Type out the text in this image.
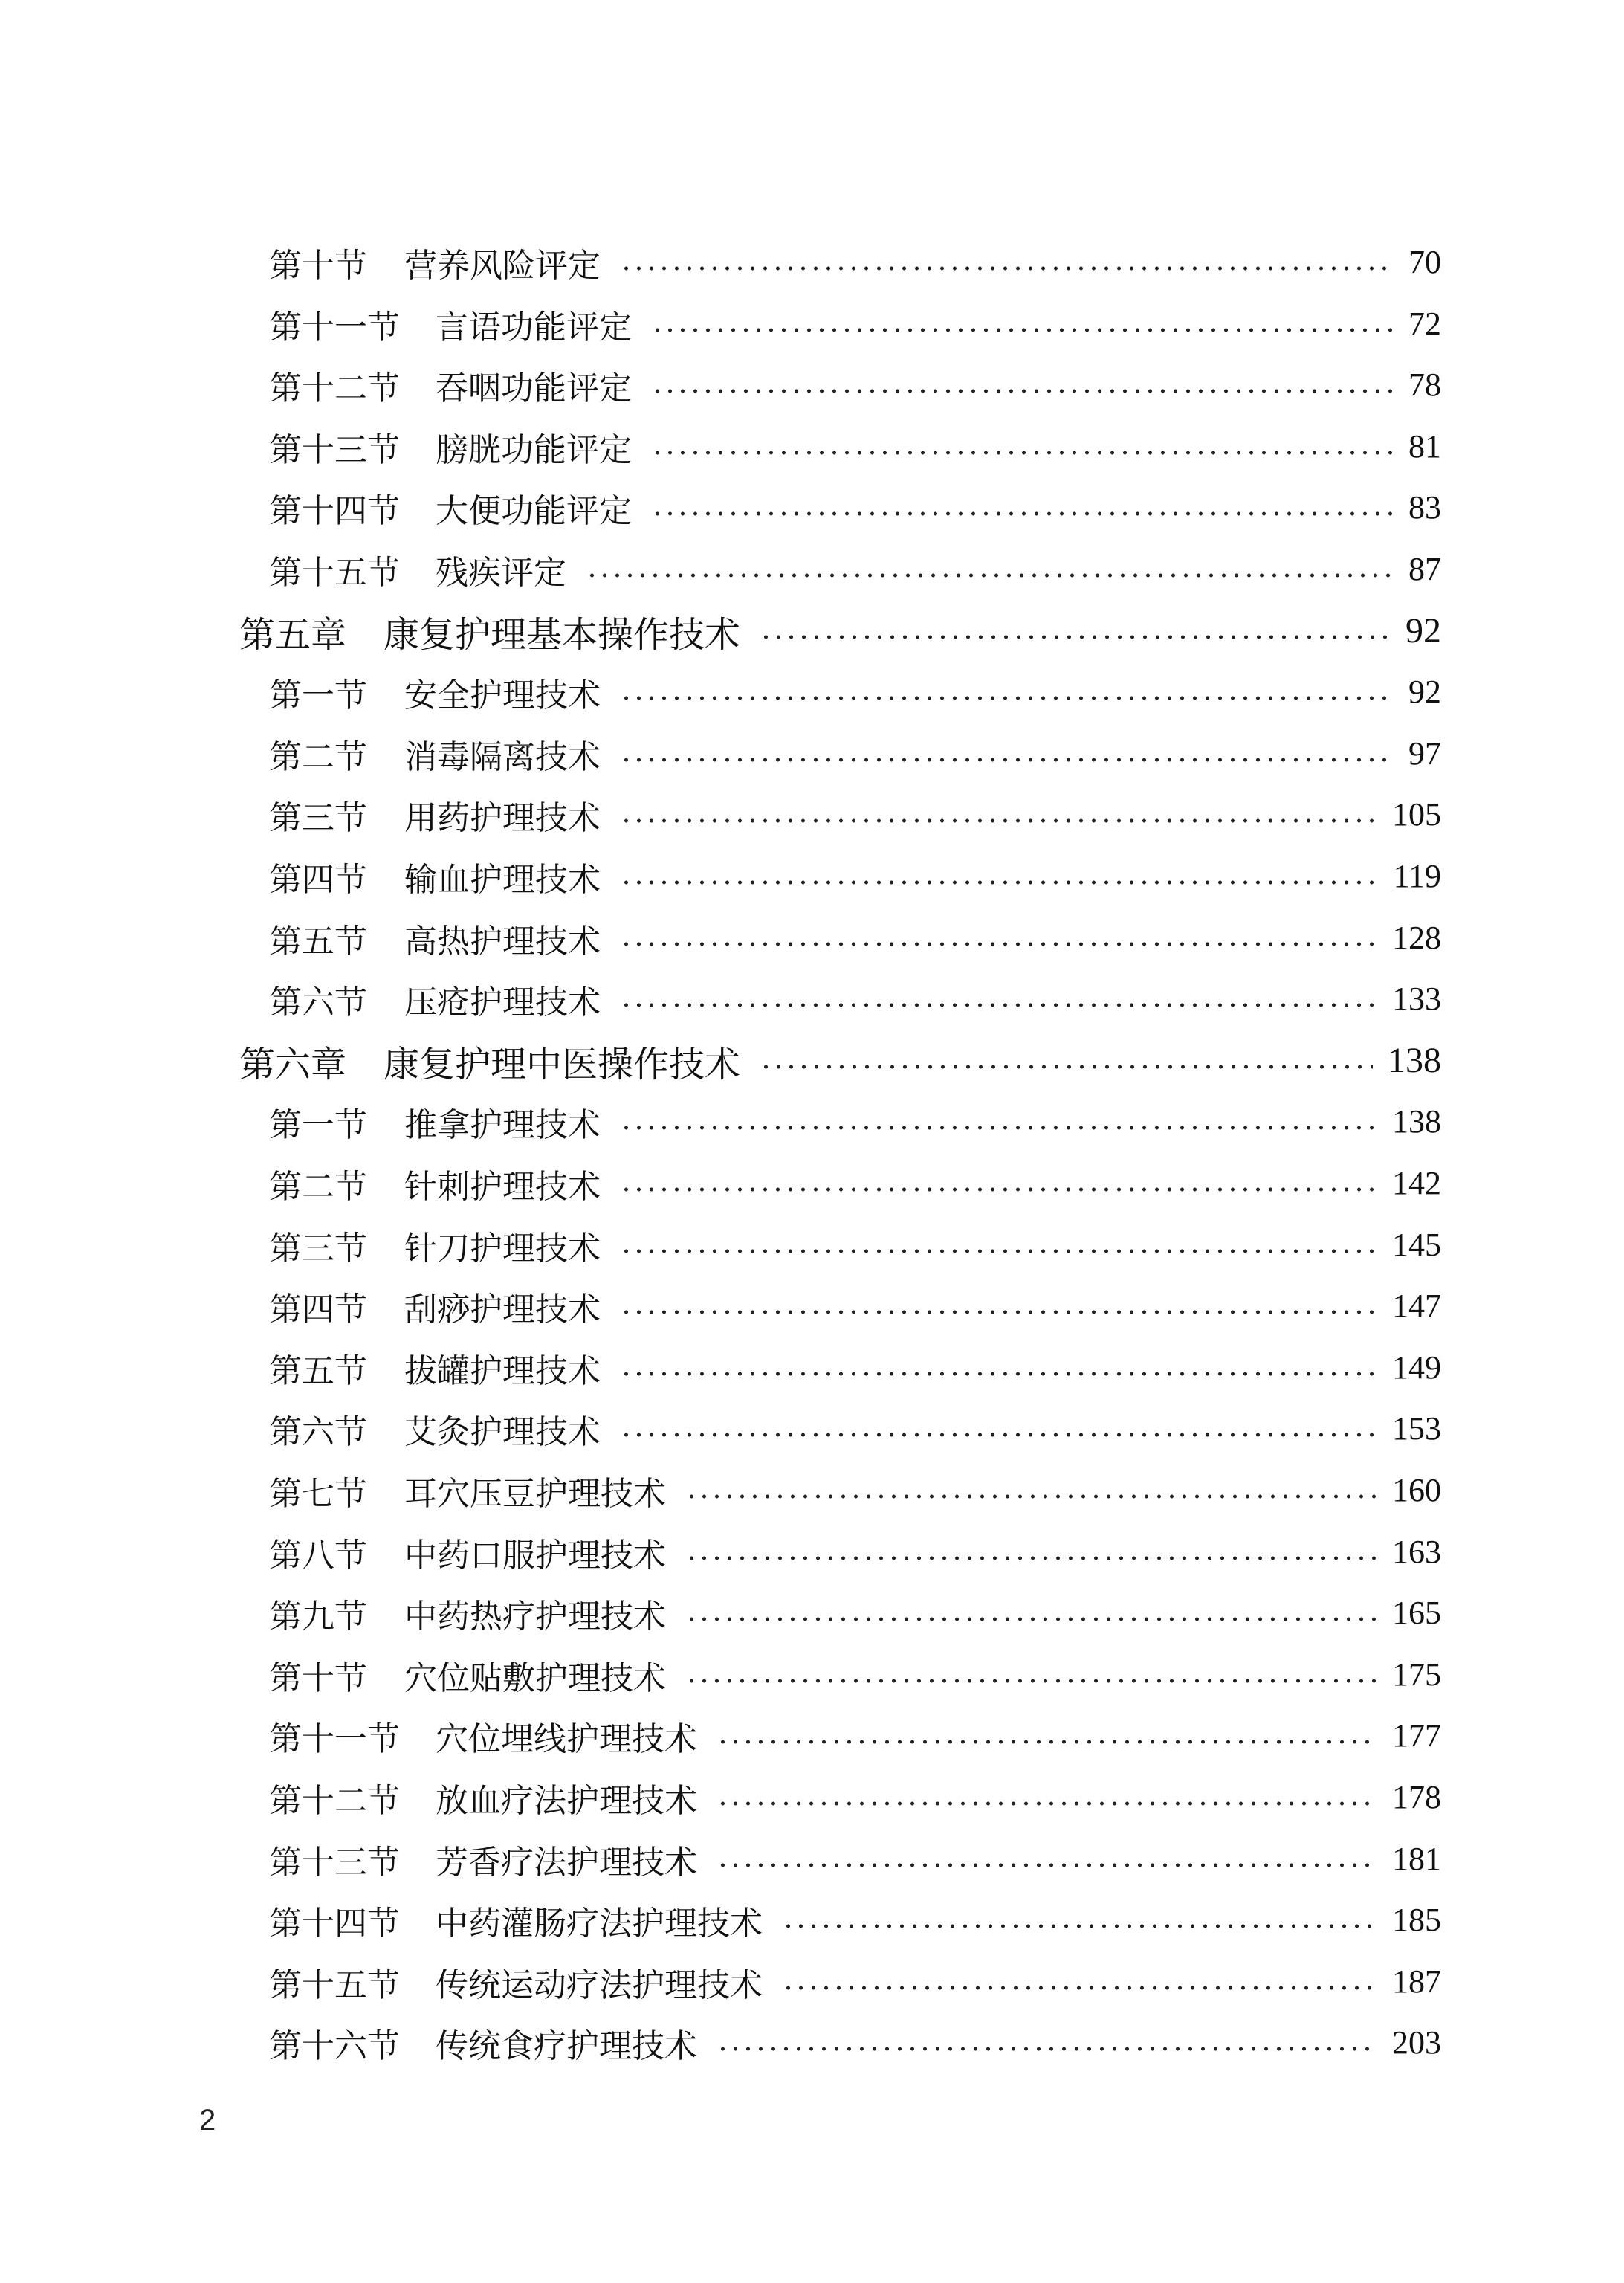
第十节 营养风险评定	70
第十一节 言语功能评定	72
第十二节 吞咽功能评定	78
第十三节 膀胱功能评定	81
第十四节 大便功能评定	83
第十五节 残疾评定	87
第五章 康复护理基本操作技术	92
第一节 安全护理技术	92
第二节 消毒隔离技术	97
第三节 用药护理技术	105
第四节 输血护理技术	119
第五节 高热护理技术	128
第六节 压疮护理技术	133
第六章 康复护理中医操作技术	138
第一节 推拿护理技术	138
第二节 针刺护理技术	142
第三节 针刀护理技术	145
第四节 刮痧护理技术	147
第五节 拔罐护理技术	149
第六节 艾灸护理技术	153
第七节 耳穴压豆护理技术	160
第八节 中药口服护理技术	163
第九节 中药热疗护理技术	165
第十节 穴位贴敷护理技术	175
第十一节 穴位埋线护理技术	177
第十二节 放血疗法护理技术	178
第十三节 芳香疗法护理技术	181
第十四节 中药灌肠疗法护理技术	185
第十五节 传统运动疗法护理技术	187
第十六节 传统食疗护理技术	203
2
